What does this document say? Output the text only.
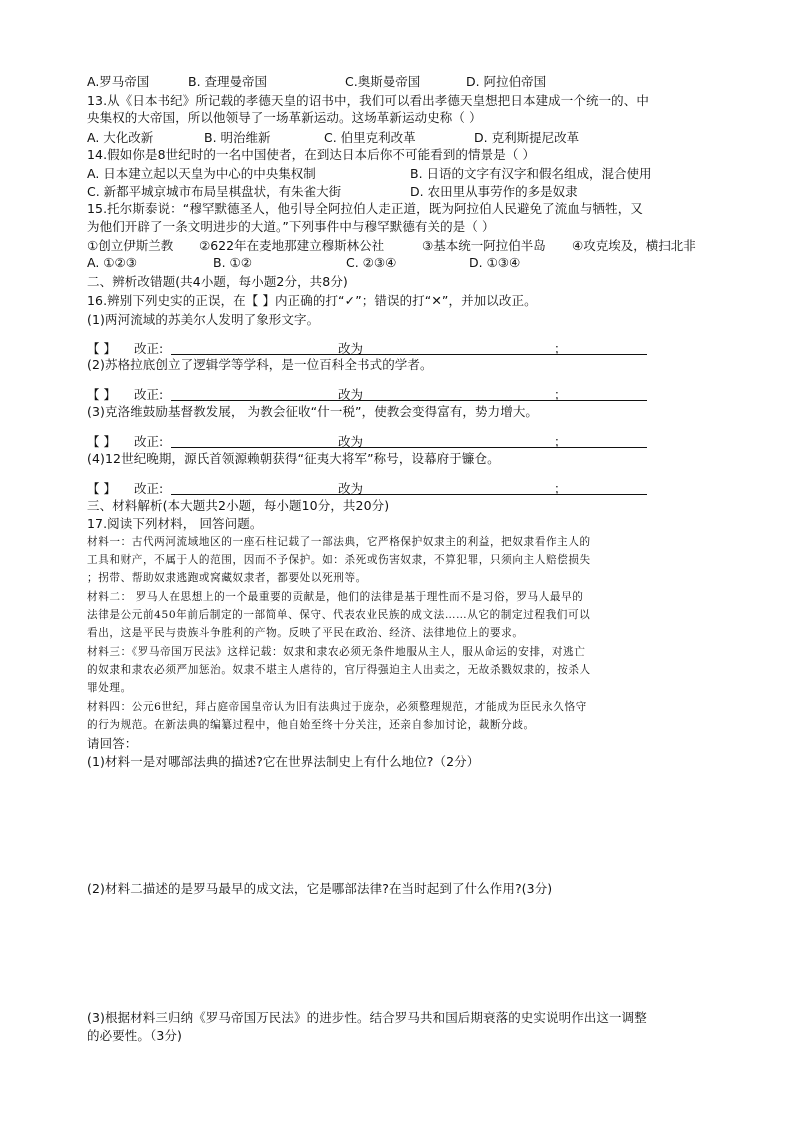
A.罗马帝国	B. 查理曼帝国	C.奥斯曼帝国	D. 阿拉伯帝国
13.从《日本书纪》所记载的孝德天皇的诏书中，我们可以看出孝德天皇想把日本建成一个统一的、中
央集权的大帝国，所以他领导了一场革新运动。这场革新运动史称（ ）
A. 大化改新	B. 明治维新	C. 伯里克利改革	D. 克利斯提尼改革
14.假如你是8世纪时的一名中国使者，在到达日本后你不可能看到的情景是（ ）
A. 日本建立起以天皇为中心的中央集权制	B. 日语的文字有汉字和假名组成，混合使用
C. 新都平城京城市布局呈棋盘状，有朱雀大街	D. 农田里从事劳作的多是奴隶
15.托尔斯泰说：“穆罕默德圣人，他引导全阿拉伯人走正道，既为阿拉伯人民避免了流血与牺牲，又
为他们开辟了一条文明进步的大道。”下列事件中与穆罕默德有关的是（ ）
①创立伊斯兰教 ②622年在麦地那建立穆斯林公社	③基本统一阿拉伯半岛 ④攻克埃及，横扫北非
A. ①②③	B. ①②	C. ②③④	D. ①③④
二、辨析改错题(共4小题，每小题2分，共8分)
16.辨别下列史实的正误，在【 】内正确的打“✓”；错误的打“✕”，并加以改正。
(1)两河流域的苏美尔人发明了象形文字。
【 】 改正:	改为	；
(2)苏格拉底创立了逻辑学等学科，是一位百科全书式的学者。
【 】 改正:	改为	；
(3)克洛维鼓励基督教发展， 为教会征收“什一税”，使教会变得富有，势力增大。
【 】 改正:	改为	；
(4)12世纪晚期，源氏首领源赖朝获得“征夷大将军”称号，设幕府于镰仓。
【 】 改正:	改为	；
三、材料解析(本大题共2小题，每小题10分，共20分)
17.阅读下列材料， 回答问题。
材料一：古代两河流域地区的一座石柱记载了一部法典，它严格保护奴隶主的利益，把奴隶看作主人的
工具和财产，不属于人的范围，因而不予保护。如：杀死或伤害奴隶，不算犯罪，只须向主人赔偿损失
；拐带、帮助奴隶逃跑或窝藏奴隶者，都要处以死刑等。
材料二： 罗马人在思想上的一个最重要的贡献是，他们的法律是基于理性而不是习俗，罗马人最早的
法律是公元前450年前后制定的一部简单、保守、代表农业民族的成文法……从它的制定过程我们可以
看出，这是平民与贵族斗争胜利的产物。反映了平民在政治、经济、法律地位上的要求。
材料三：《罗马帝国万民法》这样记载：奴隶和隶农必须无条件地服从主人，服从命运的安排，对逃亡
的奴隶和隶农必须严加惩治。奴隶不堪主人虐待的，官厅得强迫主人出卖之，无故杀戮奴隶的，按杀人
罪处理。
材料四：公元6世纪，拜占庭帝国皇帝认为旧有法典过于庞杂，必须整理规范，才能成为臣民永久恪守
的行为规范。在新法典的编纂过程中，他自始至终十分关注，还亲自参加讨论，裁断分歧。
请回答：
(1)材料一是对哪部法典的描述?它在世界法制史上有什么地位?（2分）
(2)材料二描述的是罗马最早的成文法，它是哪部法律?在当时起到了什么作用?(3分)
(3)根据材料三归纳《罗马帝国万民法》的进步性。结合罗马共和国后期衰落的史实说明作出这一调整
的必要性。（3分)
